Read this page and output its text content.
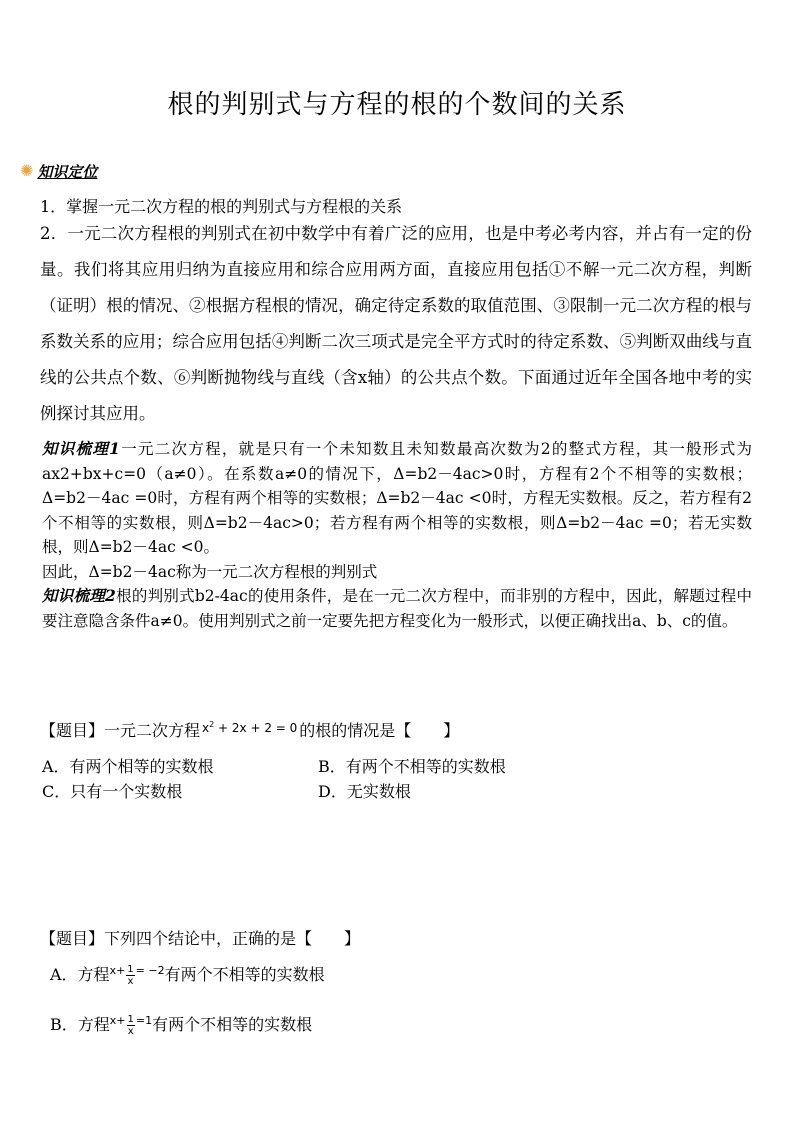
根的判别式与方程的根的个数间的关系
✺ 知识定位
1．掌握一元二次方程的根的判别式与方程根的关系
2．一元二次方程根的判别式在初中数学中有着广泛的应用，也是中考必考内容，并占有一定的份量。我们将其应用归纳为直接应用和综合应用两方面，直接应用包括①不解一元二次方程，判断（证明）根的情况、②根据方程根的情况，确定待定系数的取值范围、③限制一元二次方程的根与系数关系的应用；综合应用包括④判断二次三项式是完全平方式时的待定系数、⑤判断双曲线与直线的公共点个数、⑥判断抛物线与直线（含x轴）的公共点个数。下面通过近年全国各地中考的实例探讨其应用。
知识梳理1一元二次方程，就是只有一个未知数且未知数最高次数为2的整式方程，其一般形式为ax2+bx+c=0（a≠0）。在系数a≠0的情况下，Δ=b2－4ac>0时，方程有2个不相等的实数根；Δ=b2－4ac =0时，方程有两个相等的实数根；Δ=b2－4ac <0时，方程无实数根。反之，若方程有2个不相等的实数根，则Δ=b2－4ac>0；若方程有两个相等的实数根，则Δ=b2－4ac =0；若无实数根，则Δ=b2－4ac <0。
因此，Δ=b2－4ac称为一元二次方程根的判别式
知识梳理2根的判别式b2-4ac的使用条件，是在一元二次方程中，而非别的方程中，因此，解题过程中要注意隐含条件a≠0。使用判别式之前一定要先把方程变化为一般形式，以便正确找出a、b、c的值。
【题目】一元二次方程 $^{x^2 + 2x + 2 = 0}$ 的根的情况是【　　】
A．有两个相等的实数根	B．有两个不相等的实数根
C．只有一个实数根	D．无实数根
【题目】下列四个结论中，正确的是【　　】
A．方程$^{x+} \frac{1}{x} ^{= -2}$有两个不相等的实数根
B．方程$^{x+} \frac{1}{x} ^{=1}$有两个不相等的实数根
